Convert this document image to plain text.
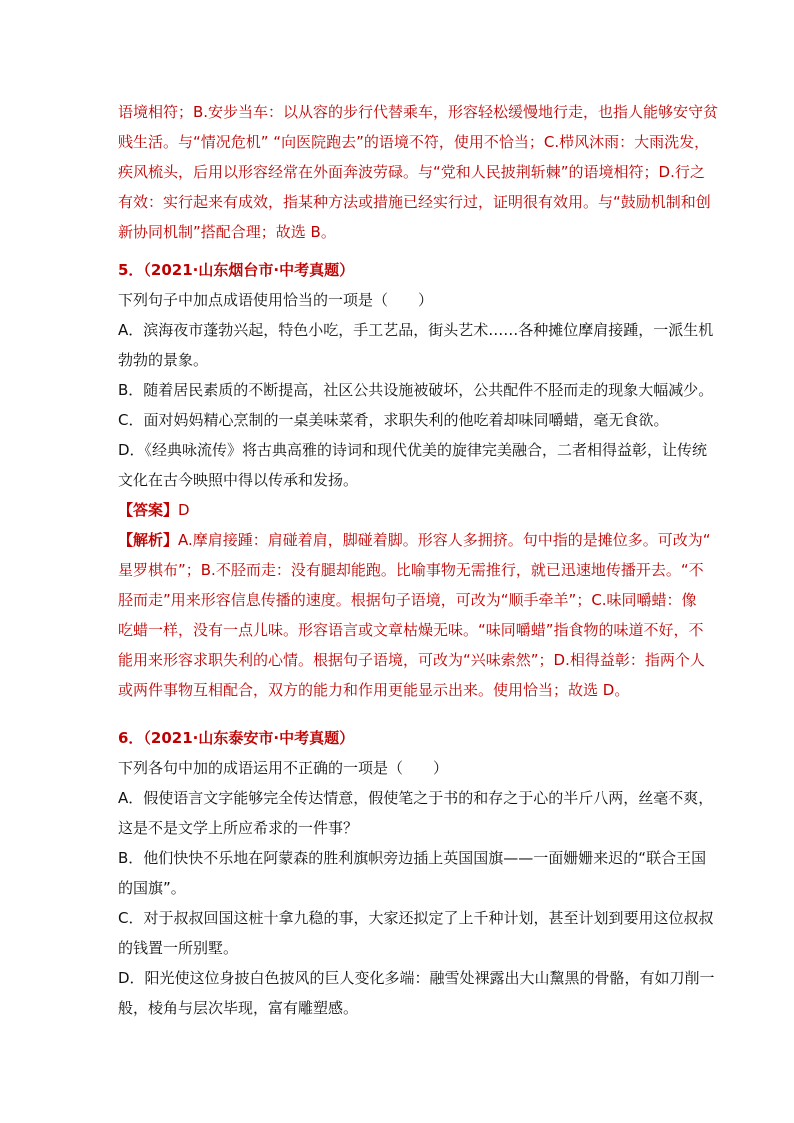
语境相符；B.安步当车：以从容的步行代替乘车，形容轻松缓慢地行走，也指人能够安守贫
贱生活。与“情况危机” “向医院跑去”的语境不符，使用不恰当；C.栉风沐雨：大雨洗发，
疾风梳头，后用以形容经常在外面奔波劳碌。与“党和人民披荆斩棘”的语境相符；D.行之
有效：实行起来有成效，指某种方法或措施已经实行过，证明很有效用。与“鼓励机制和创
新协同机制”搭配合理；故选 B。
5．（2021·山东烟台市·中考真题）
下列句子中加点成语使用恰当的一项是（　　）
A．滨海夜市蓬勃兴起，特色小吃，手工艺品，街头艺术……各种摊位摩肩接踵，一派生机
勃勃的景象。
B．随着居民素质的不断提高，社区公共设施被破坏，公共配件不胫而走的现象大幅减少。
C．面对妈妈精心烹制的一桌美味菜肴，求职失利的他吃着却味同嚼蜡，毫无食欲。
D．《经典咏流传》将古典高雅的诗词和现代优美的旋律完美融合，二者相得益彰，让传统
文化在古今映照中得以传承和发扬。
【答案】D
【解析】A.摩肩接踵：肩碰着肩，脚碰着脚。形容人多拥挤。句中指的是摊位多。可改为“
星罗棋布”；B.不胫而走：没有腿却能跑。比喻事物无需推行，就已迅速地传播开去。“不
胫而走”用来形容信息传播的速度。根据句子语境，可改为“顺手牵羊”；C.味同嚼蜡：像
吃蜡一样，没有一点儿味。形容语言或文章枯燥无味。“味同嚼蜡”指食物的味道不好，不
能用来形容求职失利的心情。根据句子语境，可改为“兴味索然”；D.相得益彰：指两个人
或两件事物互相配合，双方的能力和作用更能显示出来。使用恰当；故选 D。
6．（2021·山东泰安市·中考真题）
下列各句中加的成语运用不正确的一项是（　　）
A．假使语言文字能够完全传达情意，假使笔之于书的和存之于心的半斤八两，丝毫不爽，
这是不是文学上所应希求的一件事？
B．他们快快不乐地在阿蒙森的胜利旗帜旁边插上英国国旗——一面姗姗来迟的“联合王国
的国旗”。
C．对于叔叔回国这桩十拿九稳的事，大家还拟定了上千种计划，甚至计划到要用这位叔叔
的钱置一所别墅。
D．阳光使这位身披白色披风的巨人变化多端：融雪处裸露出大山黧黑的骨骼，有如刀削一
般，棱角与层次毕现，富有雕塑感。
